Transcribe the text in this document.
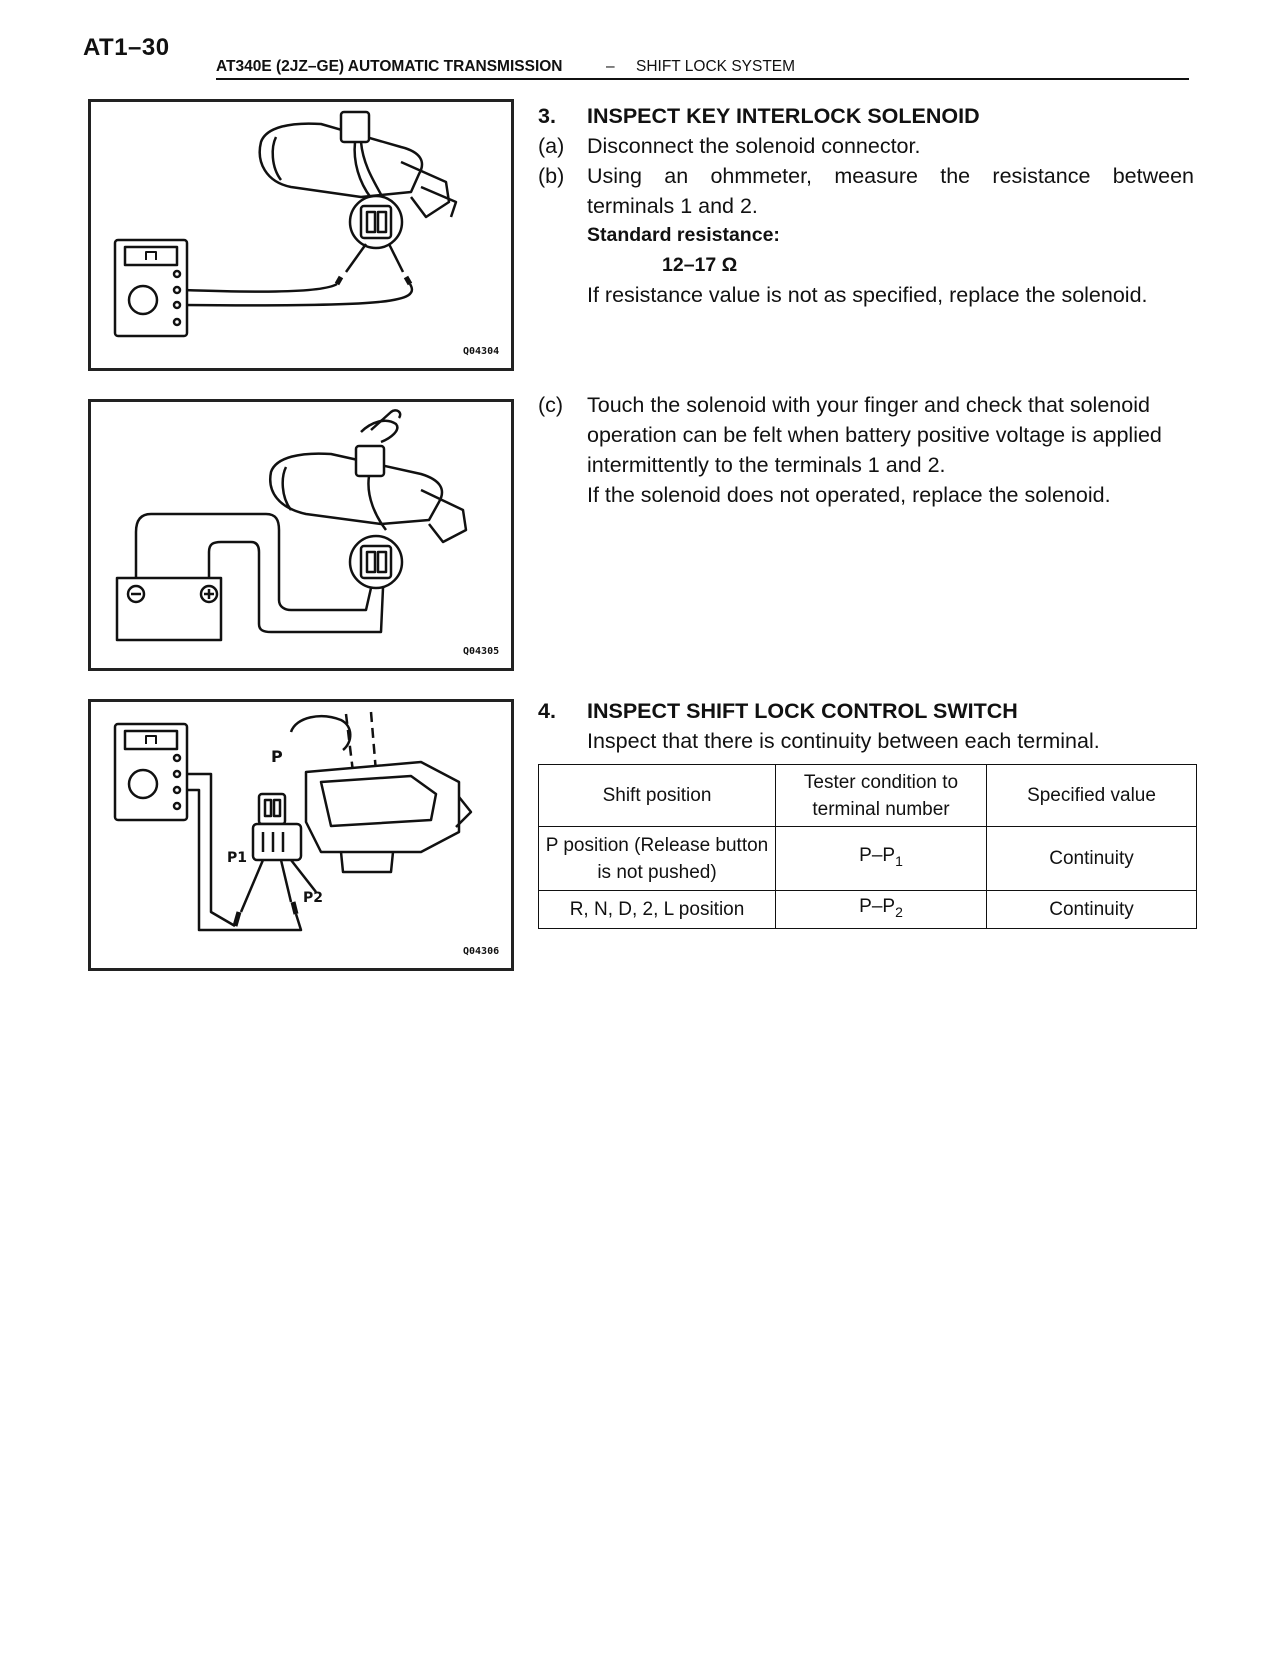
AT1–30
AT340E (2JZ–GE) AUTOMATIC TRANSMISSION	– SHIFT LOCK SYSTEM
Q04304
Q04305
P
P1
P2
Q04306
3. INSPECT KEY INTERLOCK SOLENOID
(a) Disconnect the solenoid connector.
(b) Using an ohmmeter, measure the resistance between
terminals 1 and 2.
Standard resistance:
12–17 Ω
If resistance value is not as specified, replace the solenoid.
(c) Touch the solenoid with your finger and check that solenoid
operation can be felt when battery positive voltage is applied
intermittently to the terminals 1 and 2.
If the solenoid does not operated, replace the solenoid.
4. INSPECT SHIFT LOCK CONTROL SWITCH
Inspect that there is continuity between each terminal.
Shift position	Tester condition to terminal number	Specified value
P position (Release button is not pushed)	$P-P_1$	Continuity
R, N, D, 2, L position	$P-P_2$	Continuity
